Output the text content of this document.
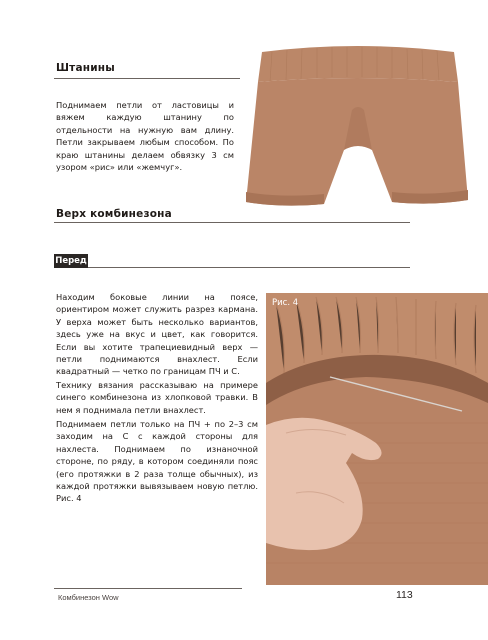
Штанины

Поднимаем петли от ластовицы и вяжем каждую штанину по отдельности на нужную вам длину. Петли закрываем любым способом. По краю штанины делаем обвязку 3 см узором «рис» или «жемчуг».

Верх комбинезона
Перед

Находим боковые линии на поясе, ориентиром может служить разрез кармана. У верха может быть несколько вариантов, здесь уже на вкус и цвет, как говорится. Если вы хотите трапециевидный верх — петли поднимаются внахлест. Если квадратный — четко по границам ПЧ и С.

Технику вязания рассказываю на примере синего комбинезона из хлопковой травки. В нем я поднимала петли внахлест.

Поднимаем петли только на ПЧ + по 2–3 см заходим на С с каждой стороны для нахлеста. Поднимаем по изнаночной стороне, по ряду, в котором соединяли пояс (его протяжки в 2 раза толще обычных), из каждой протяжки вывязываем новую петлю. Рис. 4

Рис. 4
Комбинезон Wow	113
